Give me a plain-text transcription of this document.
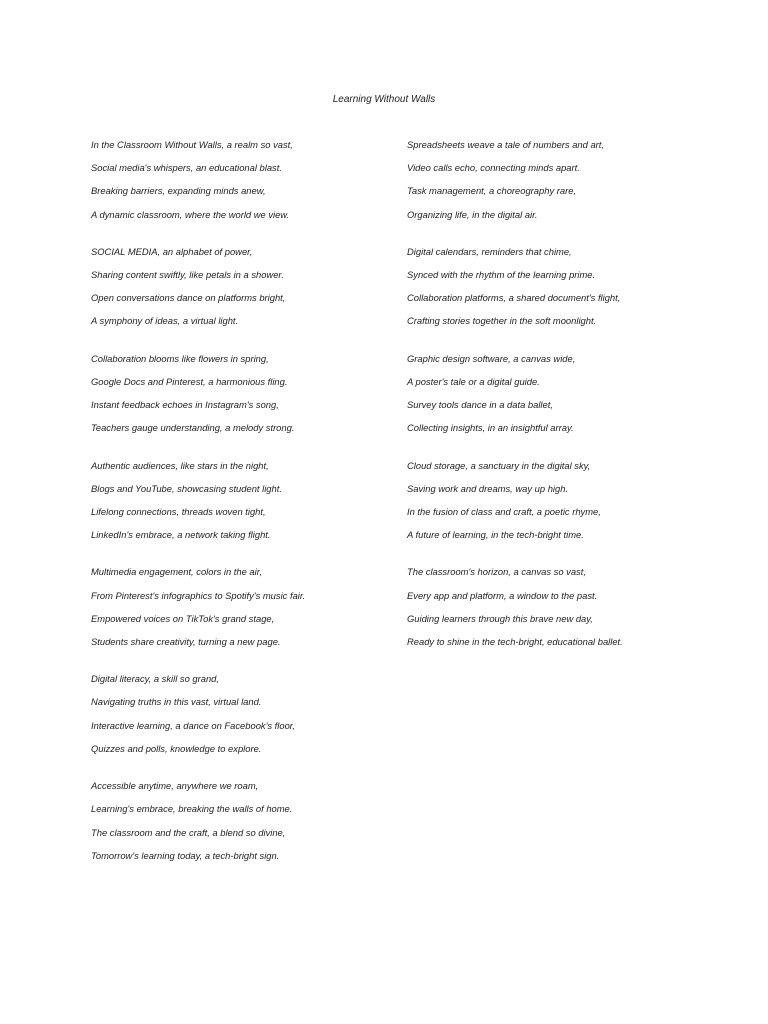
Learning Without Walls
In the Classroom Without Walls, a realm so vast,
Social media's whispers, an educational blast.
Breaking barriers, expanding minds anew,
A dynamic classroom, where the world we view.
SOCIAL MEDIA, an alphabet of power,
Sharing content swiftly, like petals in a shower.
Open conversations dance on platforms bright,
A symphony of ideas, a virtual light.
Collaboration blooms like flowers in spring,
Google Docs and Pinterest, a harmonious fling.
Instant feedback echoes in Instagram's song,
Teachers gauge understanding, a melody strong.
Authentic audiences, like stars in the night,
Blogs and YouTube, showcasing student light.
Lifelong connections, threads woven tight,
LinkedIn's embrace, a network taking flight.
Multimedia engagement, colors in the air,
From Pinterest's infographics to Spotify's music fair.
Empowered voices on TikTok's grand stage,
Students share creativity, turning a new page.
Digital literacy, a skill so grand,
Navigating truths in this vast, virtual land.
Interactive learning, a dance on Facebook's floor,
Quizzes and polls, knowledge to explore.
Accessible anytime, anywhere we roam,
Learning's embrace, breaking the walls of home.
The classroom and the craft, a blend so divine,
Tomorrow's learning today, a tech-bright sign.
Spreadsheets weave a tale of numbers and art,
Video calls echo, connecting minds apart.
Task management, a choreography rare,
Organizing life, in the digital air.
Digital calendars, reminders that chime,
Synced with the rhythm of the learning prime.
Collaboration platforms, a shared document's flight,
Crafting stories together in the soft moonlight.
Graphic design software, a canvas wide,
A poster's tale or a digital guide.
Survey tools dance in a data ballet,
Collecting insights, in an insightful array.
Cloud storage, a sanctuary in the digital sky,
Saving work and dreams, way up high.
In the fusion of class and craft, a poetic rhyme,
A future of learning, in the tech-bright time.
The classroom's horizon, a canvas so vast,
Every app and platform, a window to the past.
Guiding learners through this brave new day,
Ready to shine in the tech-bright, educational ballet.
